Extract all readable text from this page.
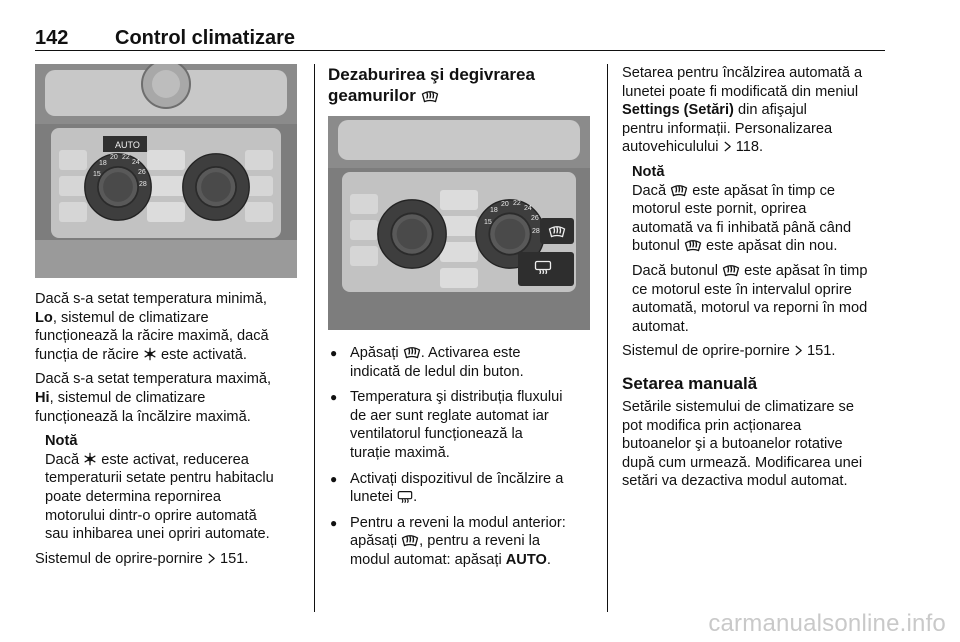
142 Control climatizare
AUTO
15
18
20 22
24
26
28

Dacă s-a setat temperatura minimă,
Lo, sistemul de climatizare
funcționează la răcire maximă, dacă
funcția de răcire este activată.

Dacă s-a setat temperatura maximă,
Hi, sistemul de climatizare
funcționează la încălzire maximă.

Notă

Dacă este activat, reducerea
temperaturii setate pentru habitaclu
poate determina repornirea
motorului dintr-o oprire automată
sau inhibarea unei opriri automate.

Sistemul de oprire-pornire 151.

Dezaburirea şi degivrarea
geamurilor
15
18
20 22
24
26
28
● Apăsați . Activarea este
indicată de ledul din buton.
● Temperatura şi distribuția fluxului
de aer sunt reglate automat iar
ventilatorul funcționează la
turație maximă.
● Activați dispozitivul de încălzire a
lunetei .
● Pentru a reveni la modul anterior:
apăsați , pentru a reveni la
modul automat: apăsați AUTO.

Setarea pentru încălzirea automată a
lunetei poate fi modificată din meniul
Settings (Setări) din afişajul
pentru informații. Personalizarea
autovehiculului 118.

Notă

Dacă este apăsat în timp ce
motorul este pornit, oprirea
automată va fi inhibată până când
butonul este apăsat din nou.

Dacă butonul este apăsat în timp
ce motorul este în intervalul oprire
automată, motorul va reporni în mod
automat.

Sistemul de oprire-pornire 151.

Setarea manuală

Setările sistemului de climatizare se
pot modifica prin acționarea
butoanelor şi a butoanelor rotative
după cum urmează. Modificarea unei
setări va dezactiva modul automat.

carmanualsonline.info
